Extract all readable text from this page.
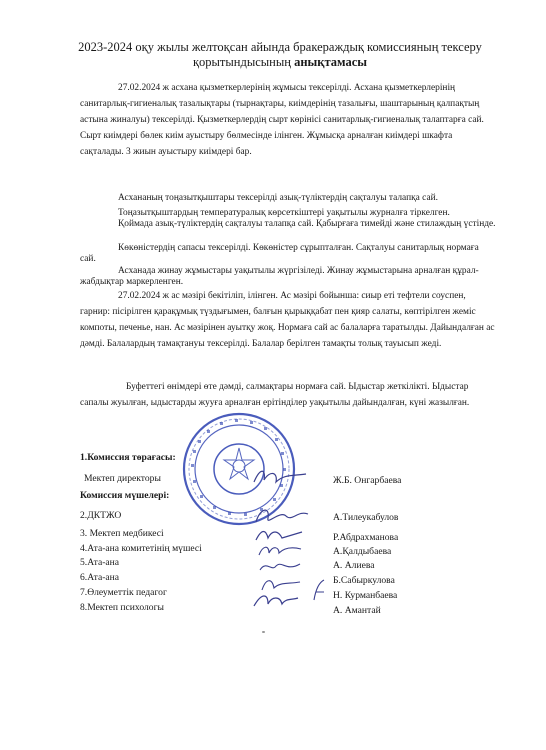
2023-2024 оқу жылы желтоқсан айында бракераждық комиссияның тексеру
қорытындысының анықтамасы

27.02.2024 ж асхана қызметкерлерінің жұмысы тексерілді. Асхана қызметкерлерінің санитарлық-гигиеналық тазалықтары (тырнақтары, киімдерінің тазалығы, шаштарының қалпақтың астына жиналуы) тексерілді. Қызметкерлердің сырт көрінісі санитарлық-гигиеналық талаптарға сай. Сырт киімдері бөлек киім ауыстыру бөлмесінде ілінген. Жұмысқа арналған киімдері шкафта сақталады. 3 жиын ауыстыру киімдері бар.

Асхананың тоңазытқыштары тексерілді азық-түліктердің сақталуы талапқа сай.

Тоңазытқыштардың температуралық көрсеткіштері уақытылы журналға тіркелген.

Қоймада азық-түліктердің сақталуы талапқа сай. Қабырғаға тимейді және стилаждың үстінде.

Көкөністердің сапасы тексерілді. Көкөністер сұрыпталған. Сақталуы санитарлық нормаға сай.

Асханада жинау жұмыстары уақытылы жүргізіледі. Жинау жұмыстарына арналған құрал-жабдықтар маркерленген.

27.02.2024 ж ас мәзірі бекітіліп, ілінген. Ас мәзірі бойынша: сиыр еті тефтели соуспен, гарнир: пісірілген қарақұмық түздығымен, балғын қырыққабат пен қияр салаты, көптірілген жеміс компоты, печенье, нан. Ас мәзірінен ауытқу жоқ. Нормаға сай ас балаларға таратылды. Дайындалған ас дәмді. Балалардың тамақтануы тексерілді. Балалар берілген тамақты толық тауысып жеді.

Буфеттегі өнімдері өте дәмді, салмақтары нормаға сай. Ыдыстар жеткілікті. Ыдыстар сапалы жуылған, ыдыстарды жууға арналған ерітінділер уақытылы дайындалған, күні жазылған.

1.Комиссия төрағасы:
Мектеп директоры	Ж.Б. Онгарбаева
Комиссия мүшелері:
2.ДКТЖО	А.Тилеукабулов
3. Мектеп медбикесі	Р.Абдрахманова
4.Ата-ана комитетінің мүшесі	А.Қалдыбаева
5.Ата-ана	А. Алиева
6.Ата-ана	Б.Сабыркулова
7.Өлеуметтік педагог	Н. Курманбаева
8.Мектеп психологы	А. Амантай
